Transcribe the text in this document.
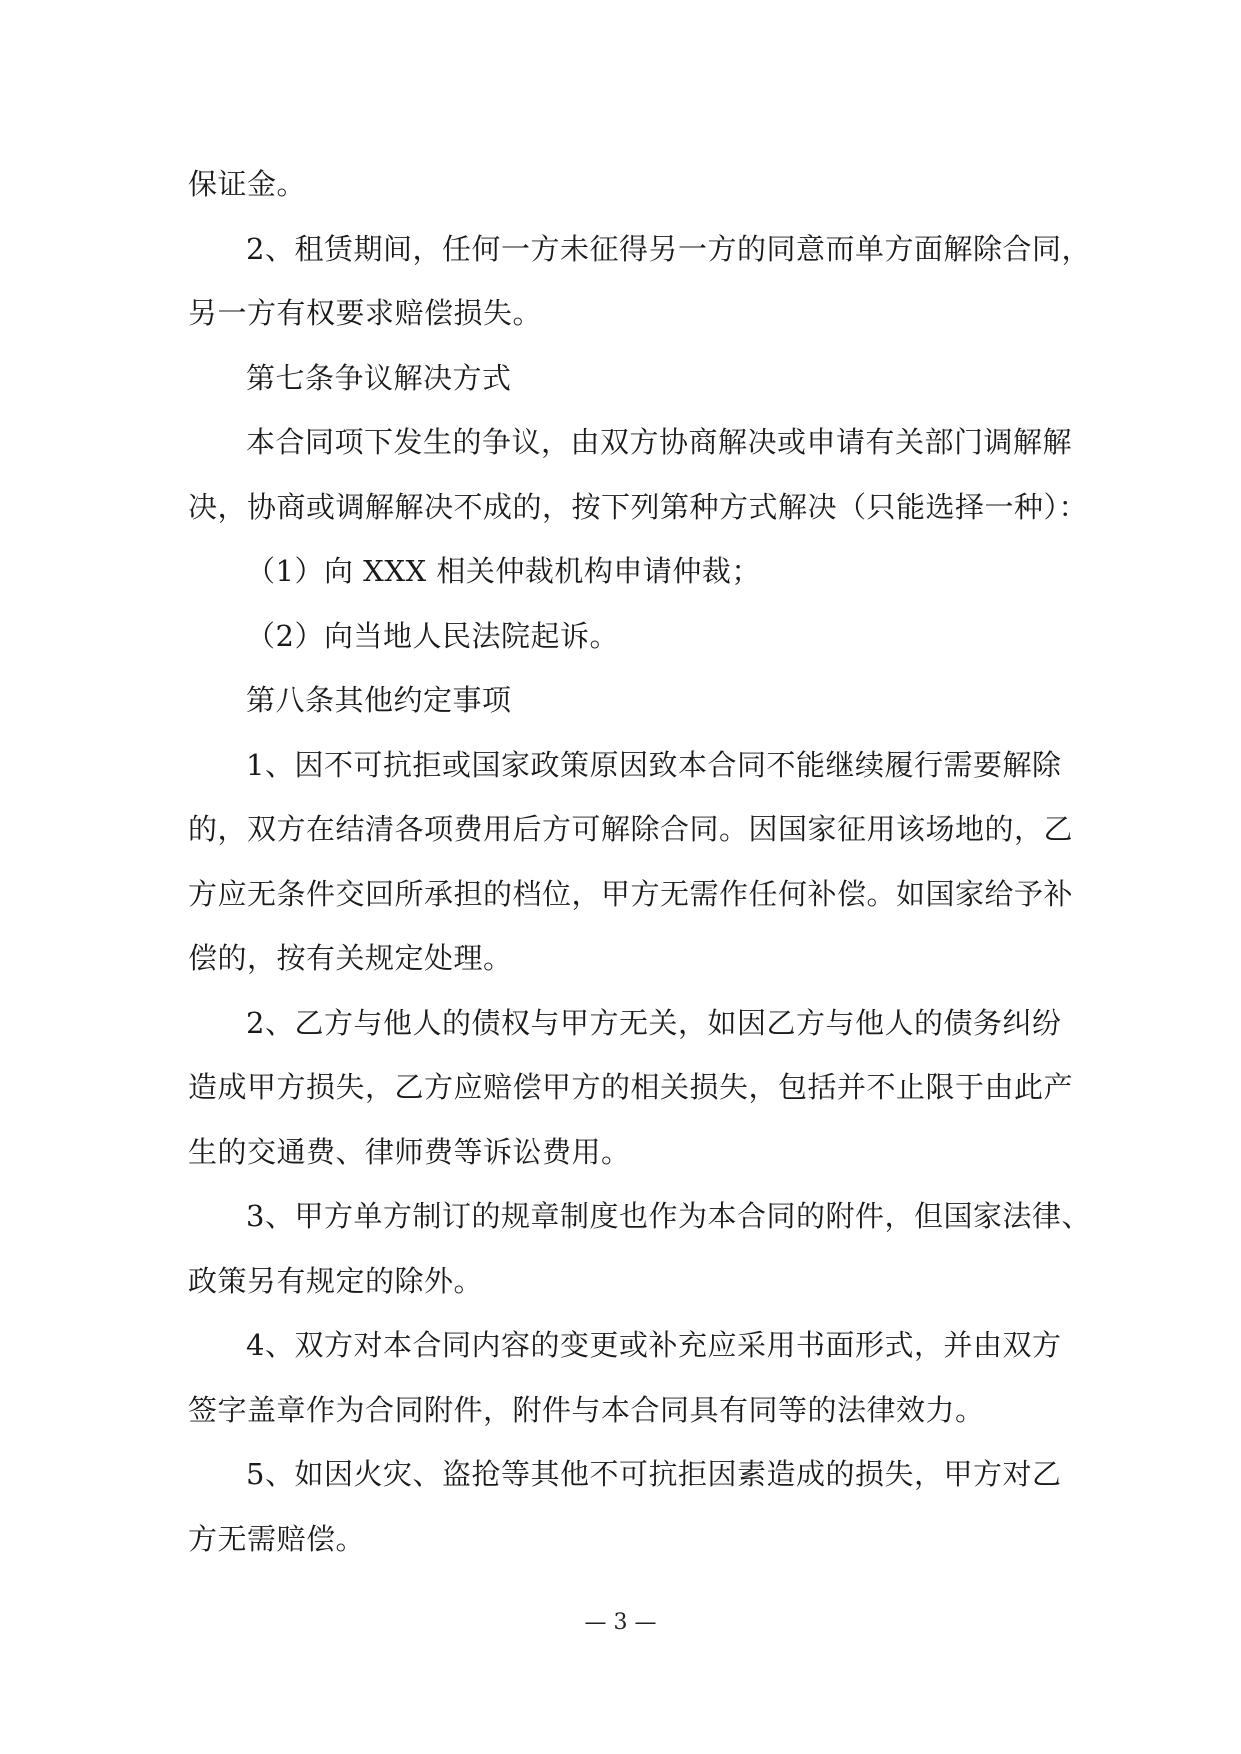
保证金。
2、租赁期间，任何一方未征得另一方的同意而单方面解除合同，
另一方有权要求赔偿损失。
第七条争议解决方式
本合同项下发生的争议，由双方协商解决或申请有关部门调解解
决，协商或调解解决不成的，按下列第种方式解决（只能选择一种）：
（1）向 XXX 相关仲裁机构申请仲裁；
（2）向当地人民法院起诉。
第八条其他约定事项
1、因不可抗拒或国家政策原因致本合同不能继续履行需要解除
的，双方在结清各项费用后方可解除合同。因国家征用该场地的，乙
方应无条件交回所承担的档位，甲方无需作任何补偿。如国家给予补
偿的，按有关规定处理。
2、乙方与他人的债权与甲方无关，如因乙方与他人的债务纠纷
造成甲方损失，乙方应赔偿甲方的相关损失，包括并不止限于由此产
生的交通费、律师费等诉讼费用。
3、甲方单方制订的规章制度也作为本合同的附件，但国家法律、
政策另有规定的除外。
4、双方对本合同内容的变更或补充应采用书面形式，并由双方
签字盖章作为合同附件，附件与本合同具有同等的法律效力。
5、如因火灾、盗抢等其他不可抗拒因素造成的损失，甲方对乙
方无需赔偿。
— 3 —
